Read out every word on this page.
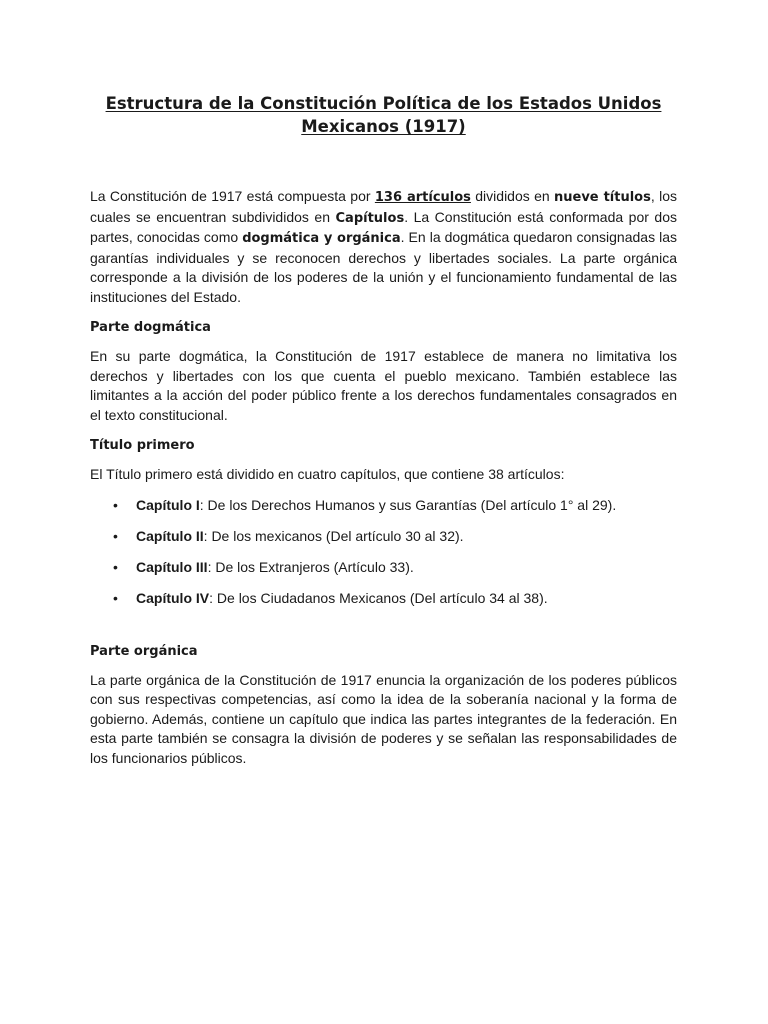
Estructura de la Constitución Política de los Estados Unidos Mexicanos (1917)

La Constitución de 1917 está compuesta por 136 artículos divididos en nueve títulos, los cuales se encuentran subdivididos en Capítulos. La Constitución está conformada por dos partes, conocidas como dogmática y orgánica. En la dogmática quedaron consignadas las garantías individuales y se reconocen derechos y libertades sociales. La parte orgánica corresponde a la división de los poderes de la unión y el funcionamiento fundamental de las instituciones del Estado.

Parte dogmática

En su parte dogmática, la Constitución de 1917 establece de manera no limitativa los derechos y libertades con los que cuenta el pueblo mexicano. También establece las limitantes a la acción del poder público frente a los derechos fundamentales consagrados en el texto constitucional.

Título primero

El Título primero está dividido en cuatro capítulos, que contiene 38 artículos:

• Capítulo I: De los Derechos Humanos y sus Garantías (Del artículo 1° al 29).
• Capítulo II: De los mexicanos (Del artículo 30 al 32).
• Capítulo III: De los Extranjeros (Artículo 33).
• Capítulo IV: De los Ciudadanos Mexicanos (Del artículo 34 al 38).
Parte orgánica

La parte orgánica de la Constitución de 1917 enuncia la organización de los poderes públicos con sus respectivas competencias, así como la idea de la soberanía nacional y la forma de gobierno. Además, contiene un capítulo que indica las partes integrantes de la federación. En esta parte también se consagra la división de poderes y se señalan las responsabilidades de los funcionarios públicos.
